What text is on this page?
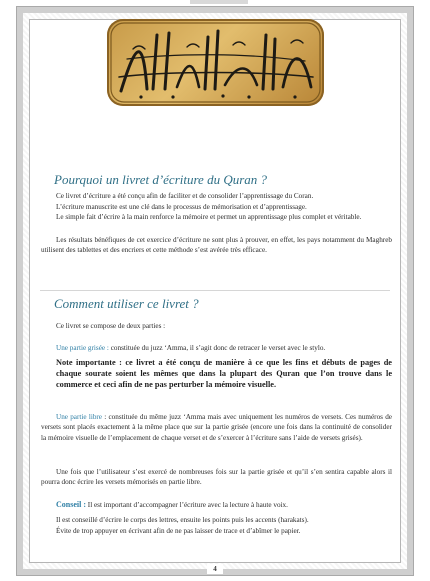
Pourquoi un livret d’écriture du Quran ?

Ce livret d’écriture a été conçu afin de faciliter et de consolider l’apprentissage du Coran.

L’écriture manuscrite est une clé dans le processus de mémorisation et d’apprentissage.

Le simple fait d’écrire à la main renforce la mémoire et permet un apprentissage plus complet et véritable.

Les résultats bénéfiques de cet exercice d’écriture ne sont plus à prouver, en effet, les pays notamment du Maghreb utilisent des tablettes et des encriers et cette méthode s’est avérée très efficace.

Comment utiliser ce livret ?

Ce livret se compose de deux parties :

Une partie grisée : constituée du juzz ‘Amma, il s’agit donc de retracer le verset avec le stylo.

Note importante : ce livret a été conçu de manière à ce que les fins et débuts de pages de chaque sourate soient les mêmes que dans la plupart des Quran que l’on trouve dans le commerce et ceci afin de ne pas perturber la mémoire visuelle.

Une partie libre : constituée du même juzz ‘Amma mais avec uniquement les numéros de versets. Ces numéros de versets sont placés exactement à la même place que sur la partie grisée (encore une fois dans la continuité de consolider la mémoire visuelle de l’emplacement de chaque verset et de s’exercer à l’écriture sans l’aide de versets grisés).

Une fois que l’utilisateur s’est exercé de nombreuses fois sur la partie grisée et qu’il s’en sentira capable alors il pourra donc écrire les versets mémorisés en partie libre.

Conseil : Il est important d’accompagner l’écriture avec la lecture à haute voix.

Il est conseillé d’écrire le corps des lettres, ensuite les points puis les accents (harakats).

Évite de trop appuyer en écrivant afin de ne pas laisser de trace et d’abîmer le papier.

4
